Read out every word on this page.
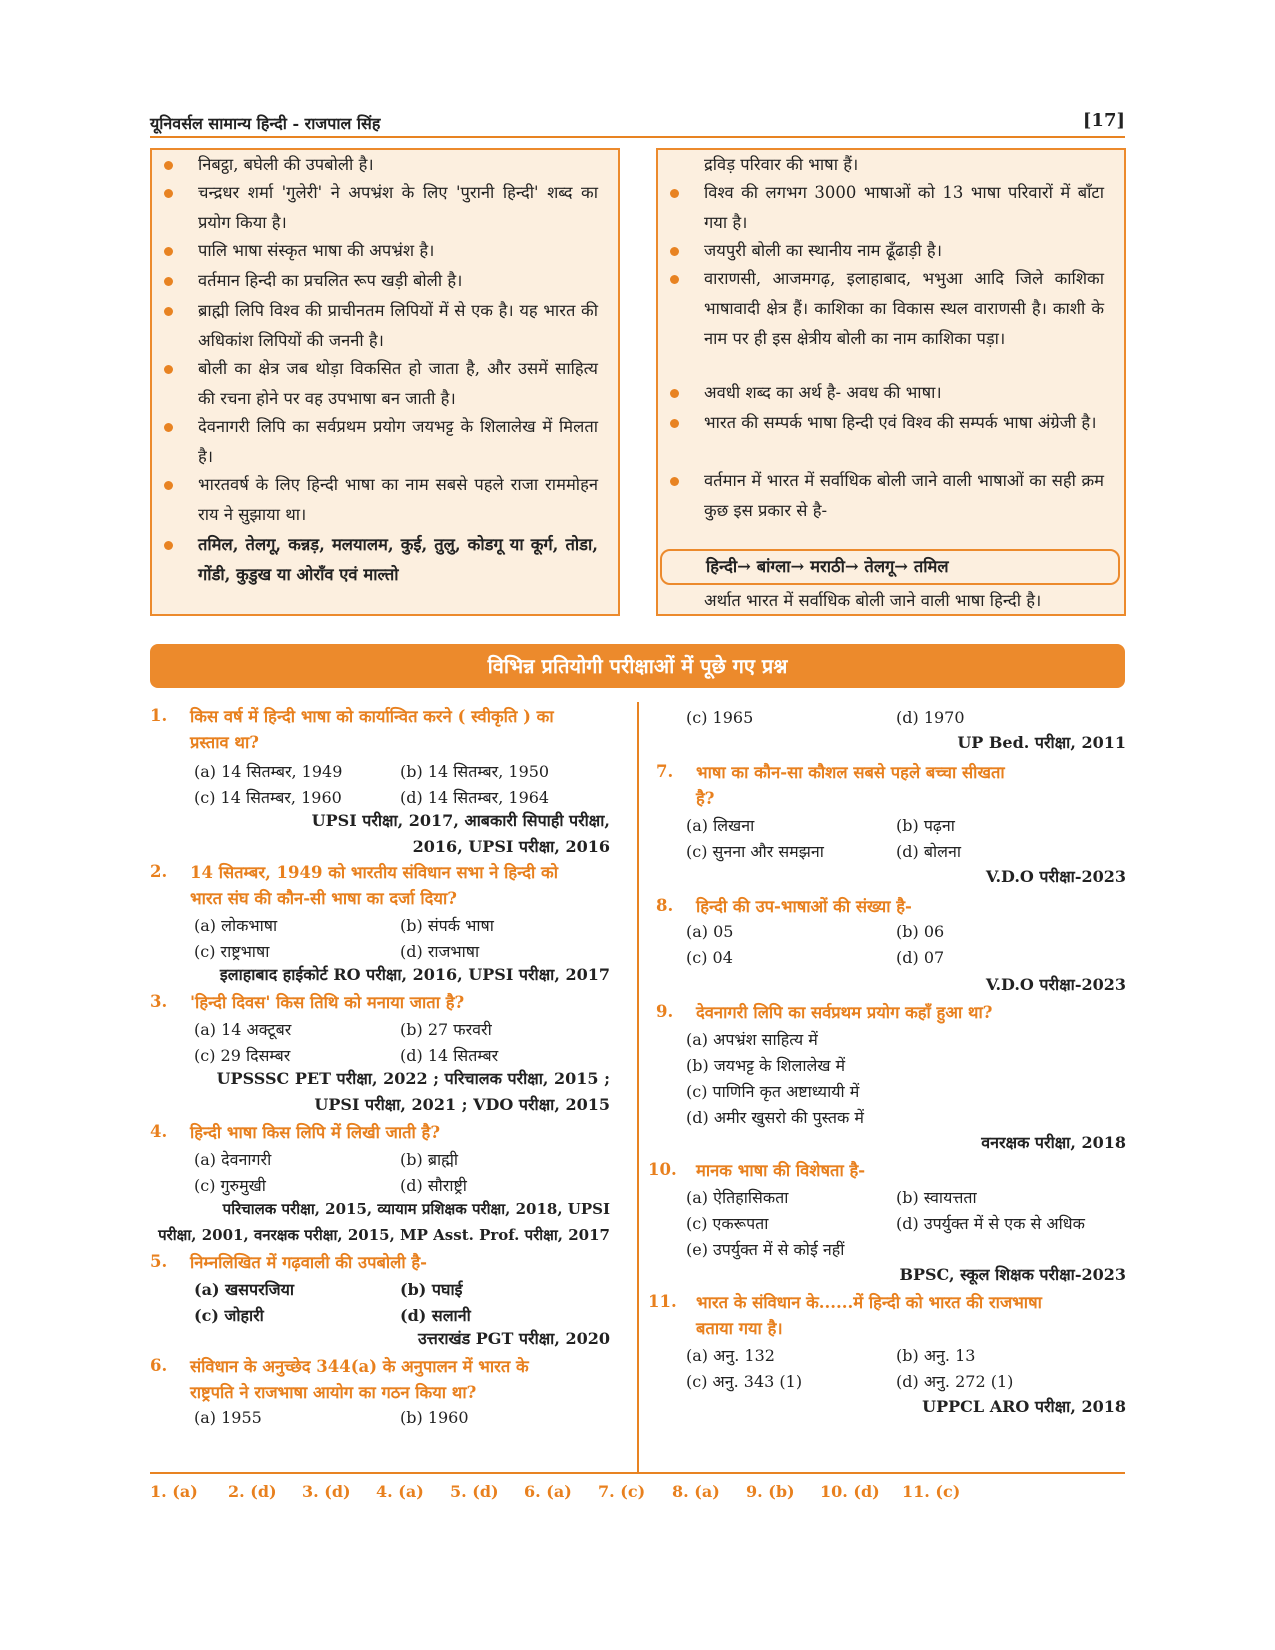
यूनिवर्सल सामान्य हिन्दी - राजपाल सिंह	[17]
निबट्ठा, बघेली की उपबोली है।
चन्द्रधर शर्मा 'गुलेरी' ने अपभ्रंश के लिए 'पुरानी हिन्दी' शब्द का प्रयोग किया है।
पालि भाषा संस्कृत भाषा की अपभ्रंश है।
वर्तमान हिन्दी का प्रचलित रूप खड़ी बोली है।
ब्राह्मी लिपि विश्व की प्राचीनतम लिपियों में से एक है। यह भारत की अधिकांश लिपियों की जननी है।
बोली का क्षेत्र जब थोड़ा विकसित हो जाता है, और उसमें साहित्य की रचना होने पर वह उपभाषा बन जाती है।
देवनागरी लिपि का सर्वप्रथम प्रयोग जयभट्ट के शिलालेख में मिलता है।
भारतवर्ष के लिए हिन्दी भाषा का नाम सबसे पहले राजा राममोहन राय ने सुझाया था।
तमिल, तेलगू, कन्नड़, मलयालम, कुई, तुलु, कोडगू या कूर्ग, तोडा, गोंडी, कुडुख या ओरॉंव एवं माल्तो
द्रविड़ परिवार की भाषा हैं।
विश्व की लगभग 3000 भाषाओं को 13 भाषा परिवारों में बाँटा गया है।
जयपुरी बोली का स्थानीय नाम ढूँढाड़ी है।
वाराणसी, आजमगढ़, इलाहाबाद, भभुआ आदि जिले काशिका भाषावादी क्षेत्र हैं। काशिका का विकास स्थल वाराणसी है। काशी के नाम पर ही इस क्षेत्रीय बोली का नाम काशिका पड़ा।
अवधी शब्द का अर्थ है- अवध की भाषा।
भारत की सम्पर्क भाषा हिन्दी एवं विश्व की सम्पर्क भाषा अंग्रेजी है।
वर्तमान में भारत में सर्वाधिक बोली जाने वाली भाषाओं का सही क्रम कुछ इस प्रकार से है-
हिन्दी→ बांग्ला→ मराठी→ तेलगू→ तमिल
अर्थात भारत में सर्वाधिक बोली जाने वाली भाषा हिन्दी है।
विभिन्न प्रतियोगी परीक्षाओं में पूछे गए प्रश्न
1. किस वर्ष में हिन्दी भाषा को कार्यान्वित करने ( स्वीकृति ) का
प्रस्ताव था?
(a) 14 सितम्बर, 1949	(b) 14 सितम्बर, 1950
(c) 14 सितम्बर, 1960	(d) 14 सितम्बर, 1964
UPSI परीक्षा, 2017, आबकारी सिपाही परीक्षा,
2016, UPSI परीक्षा, 2016
2. 14 सितम्बर, 1949 को भारतीय संविधान सभा ने हिन्दी को
भारत संघ की कौन-सी भाषा का दर्जा दिया?
(a) लोकभाषा	(b) संपर्क भाषा
(c) राष्ट्रभाषा	(d) राजभाषा
इलाहाबाद हाईकोर्ट RO परीक्षा, 2016, UPSI परीक्षा, 2017
3. 'हिन्दी दिवस' किस तिथि को मनाया जाता है?
(a) 14 अक्टूबर	(b) 27 फरवरी
(c) 29 दिसम्बर	(d) 14 सितम्बर
UPSSSC PET परीक्षा, 2022 ; परिचालक परीक्षा, 2015 ;
UPSI परीक्षा, 2021 ; VDO परीक्षा, 2015
4. हिन्दी भाषा किस लिपि में लिखी जाती है?
(a) देवनागरी	(b) ब्राह्मी
(c) गुरुमुखी	(d) सौराष्ट्री
परिचालक परीक्षा, 2015, व्यायाम प्रशिक्षक परीक्षा, 2018, UPSI
परीक्षा, 2001, वनरक्षक परीक्षा, 2015, MP Asst. Prof. परीक्षा, 2017
5. निम्नलिखित में गढ़वाली की उपबोली है-
(a) खसपरजिया	(b) पघाई
(c) जोहारी	(d) सलानी
उत्तराखंड PGT परीक्षा, 2020
6. संविधान के अनुच्छेद 344(a) के अनुपालन में भारत के
राष्ट्रपति ने राजभाषा आयोग का गठन किया था?
(a) 1955	(b) 1960
(c) 1965	(d) 1970
UP Bed. परीक्षा, 2011
7. भाषा का कौन-सा कौशल सबसे पहले बच्चा सीखता
है?
(a) लिखना	(b) पढ़ना
(c) सुनना और समझना	(d) बोलना
V.D.O परीक्षा-2023
8. हिन्दी की उप-भाषाओं की संख्या है-
(a) 05	(b) 06
(c) 04	(d) 07
V.D.O परीक्षा-2023
9. देवनागरी लिपि का सर्वप्रथम प्रयोग कहाँ हुआ था?
(a) अपभ्रंश साहित्य में
(b) जयभट्ट के शिलालेख में
(c) पाणिनि कृत अष्टाध्यायी में
(d) अमीर खुसरो की पुस्तक में
वनरक्षक परीक्षा, 2018
10. मानक भाषा की विशेषता है-
(a) ऐतिहासिकता	(b) स्वायत्तता
(c) एकरूपता	(d) उपर्युक्त में से एक से अधिक
(e) उपर्युक्त में से कोई नहीं
BPSC, स्कूल शिक्षक परीक्षा-2023
11. भारत के संविधान के......में हिन्दी को भारत की राजभाषा
बताया गया है।
(a) अनु. 132	(b) अनु. 13
(c) अनु. 343 (1)	(d) अनु. 272 (1)
UPPCL ARO परीक्षा, 2018
1. (a) 2. (d) 3. (d) 4. (a) 5. (d) 6. (a) 7. (c) 8. (a) 9. (b) 10. (d) 11. (c)
